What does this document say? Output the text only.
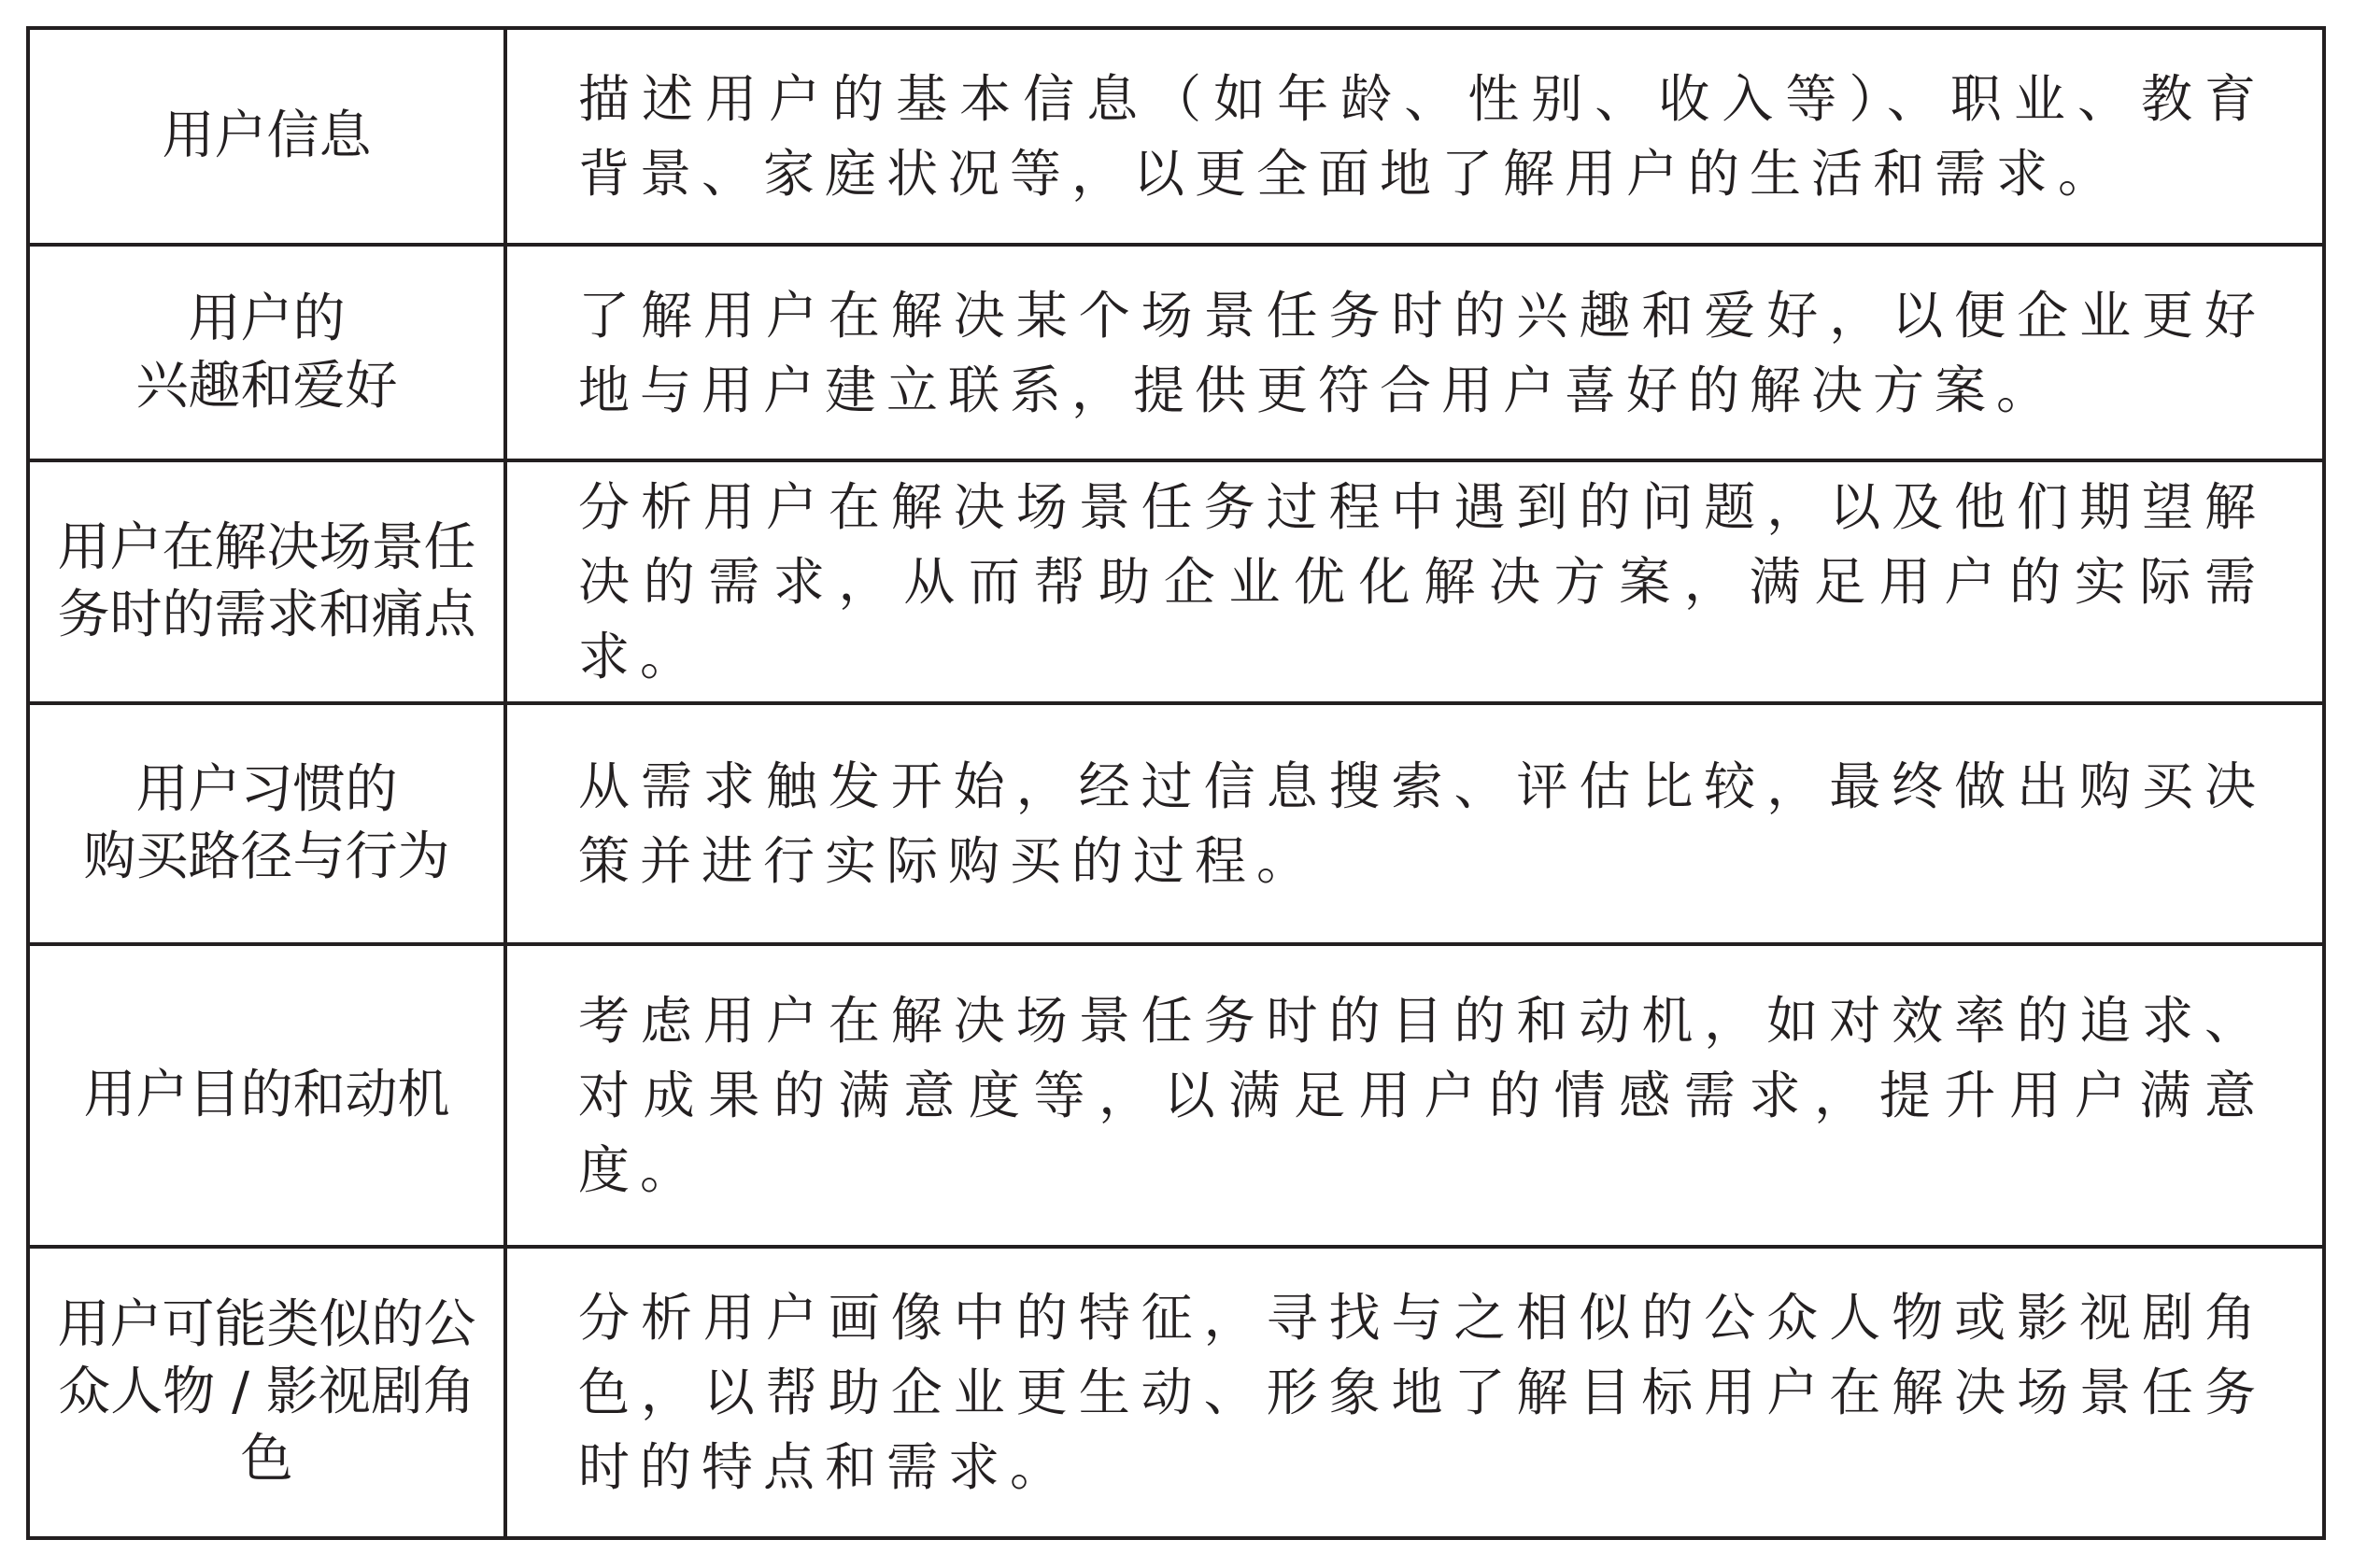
用户信息
描述用户的基本信息（如年龄、性别、收入等）、职业、教育背景、家庭状况等，以更全面地了解用户的生活和需求。
用户的
兴趣和爱好
了解用户在解决某个场景任务时的兴趣和爱好，以便企业更好地与用户建立联系，提供更符合用户喜好的解决方案。
用户在解决场景任务时的需求和痛点
分析用户在解决场景任务过程中遇到的问题，以及他们期望解决的需求，从而帮助企业优化解决方案，满足用户的实际需求。
用户习惯的
购买路径与行为
从需求触发开始，经过信息搜索、评估比较，最终做出购买决策并进行实际购买的过程。
用户目的和动机
考虑用户在解决场景任务时的目的和动机，如对效率的追求、对成果的满意度等，以满足用户的情感需求，提升用户满意度。
用户可能类似的公众人物 / 影视剧角色
分析用户画像中的特征，寻找与之相似的公众人物或影视剧角色，以帮助企业更生动、形象地了解目标用户在解决场景任务时的特点和需求。
